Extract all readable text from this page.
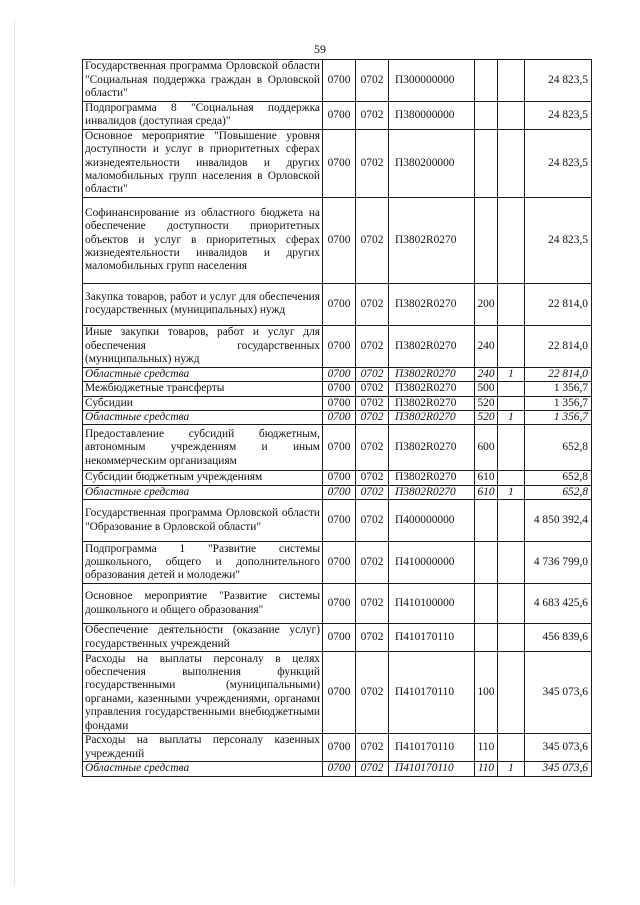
59
Государственная программа Орловской области "Социальная поддержка граждан в Орловской области"	0700	0702	П300000000			24 823,5
Подпрограмма 8 "Социальная поддержка инвалидов (доступная среда)"	0700	0702	П380000000			24 823,5
Основное мероприятие "Повышение уровня доступности и услуг в приоритетных сферах жизнедеятельности инвалидов и других маломобильных групп населения в Орловской области"	0700	0702	П380200000			24 823,5
Софинансирование из областного бюджета на обеспечение доступности приоритетных объектов и услуг в приоритетных сферах жизнедеятельности инвалидов и других маломобильных групп населения	0700	0702	П3802R0270			24 823,5
Закупка товаров, работ и услуг для обеспечения государственных (муниципальных) нужд	0700	0702	П3802R0270	200		22 814,0
Иные закупки товаров, работ и услуг для обеспечения государственных (муниципальных) нужд	0700	0702	П3802R0270	240		22 814,0
Областные средства	0700	0702	П3802R0270	240	1	22 814,0
Межбюджетные трансферты	0700	0702	П3802R0270	500		1 356,7
Субсидии	0700	0702	П3802R0270	520		1 356,7
Областные средства	0700	0702	П3802R0270	520	1	1 356,7
Предоставление субсидий бюджетным, автономным учреждениям и иным некоммерческим организациям	0700	0702	П3802R0270	600		652,8
Субсидии бюджетным учреждениям	0700	0702	П3802R0270	610		652,8
Областные средства	0700	0702	П3802R0270	610	1	652,8
Государственная программа Орловской области "Образование в Орловской области"	0700	0702	П400000000			4 850 392,4
Подпрограмма 1 "Развитие системы дошкольного, общего и дополнительного образования детей и молодежи"	0700	0702	П410000000			4 736 799,0
Основное мероприятие "Развитие системы дошкольного и общего образования"	0700	0702	П410100000			4 683 425,6
Обеспечение деятельности (оказание услуг) государственных учреждений	0700	0702	П410170110			456 839,6
Расходы на выплаты персоналу в целях обеспечения выполнения функций государственными (муниципальными) органами, казенными учреждениями, органами управления государственными внебюджетными фондами	0700	0702	П410170110	100		345 073,6
Расходы на выплаты персоналу казенных учреждений	0700	0702	П410170110	110		345 073,6
Областные средства	0700	0702	П410170110	110	1	345 073,6
